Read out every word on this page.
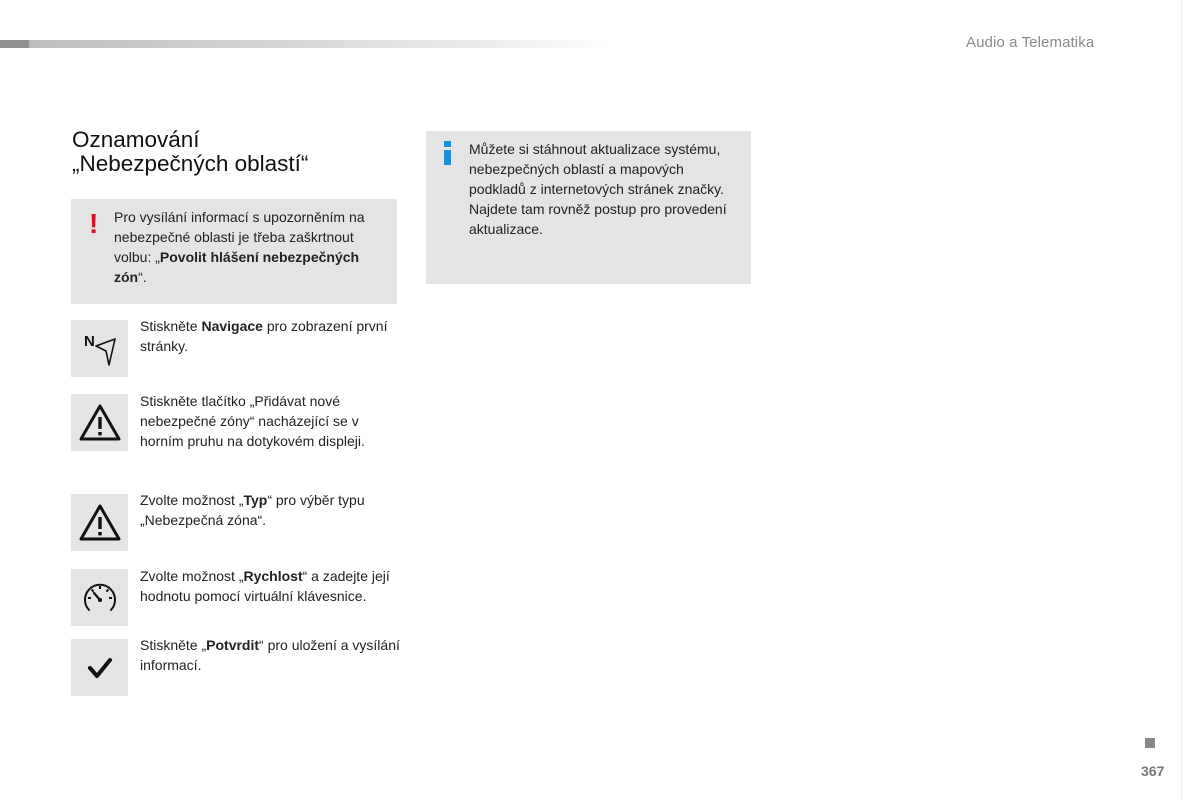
Audio a Telematika
Oznamování
„Nebezpečných oblastí“
! Pro vysílání informací s upozorněním na nebezpečné oblasti je třeba zaškrtnout volbu: „Povolit hlášení nebezpečných zón“.
Můžete si stáhnout aktualizace systému, nebezpečných oblastí a mapových podkladů z internetových stránek značky.
Najdete tam rovněž postup pro provedení aktualizace.
N
Stiskněte Navigace pro zobrazení první stránky.
Stiskněte tlačítko „Přidávat nové nebezpečné zóny“ nacházející se v horním pruhu na dotykovém displeji.
Zvolte možnost „Typ“ pro výběr typu „Nebezpečná zóna“.
Zvolte možnost „Rychlost“ a zadejte její hodnotu pomocí virtuální klávesnice.
Stiskněte „Potvrdit“ pro uložení a vysílání informací.
367
